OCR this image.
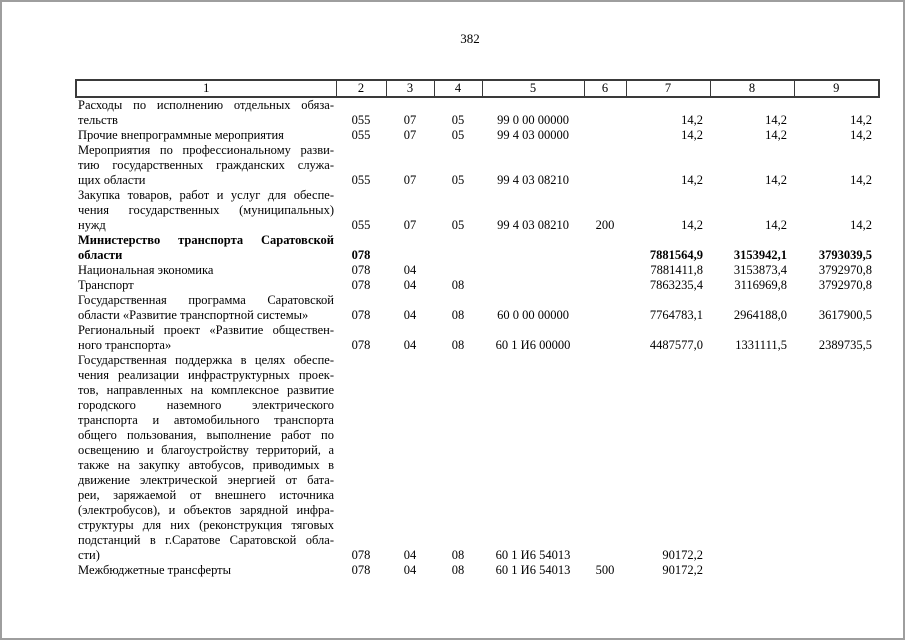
382
1	2	3	4	5	6	7	8	9

Расходы по исполнению отдельных обяза-
тельств	055	07	05	99 0 00 00000		14,2	14,2	14,2

Прочие внепрограммные мероприятия	055	07	05	99 4 03 00000		14,2	14,2	14,2

Мероприятия по профессиональному разви-
тию государственных гражданских служа-
щих области	055	07	05	99 4 03 08210		14,2	14,2	14,2

Закупка товаров, работ и услуг для обеспе-
чения государственных (муниципальных)
нужд	055	07	05	99 4 03 08210	200	14,2	14,2	14,2

Министерство транспорта Саратовской
области	078					7881564,9	3153942,1	3793039,5

Национальная экономика	078	04				7881411,8	3153873,4	3792970,8

Транспорт	078	04	08			7863235,4	3116969,8	3792970,8

Государственная программа Саратовской
области «Развитие транспортной системы»	078	04	08	60 0 00 00000		7764783,1	2964188,0	3617900,5

Региональный проект «Развитие обществен-
ного транспорта»	078	04	08	60 1 И6 00000		4487577,0	1331111,5	2389735,5

Государственная поддержка в целях обеспе-
чения реализации инфраструктурных проек-
тов, направленных на комплексное развитие
городского наземного электрического
транспорта и автомобильного транспорта
общего пользования, выполнение работ по
освещению и благоустройству территорий, а
также на закупку автобусов, приводимых в
движение электрической энергией от бата-
реи, заряжаемой от внешнего источника
(электробусов), и объектов зарядной инфра-
структуры для них (реконструкция тяговых
подстанций в г.Саратове Саратовской обла-
сти)	078	04	08	60 1 И6 54013		90172,2		

Межбюджетные трансферты	078	04	08	60 1 И6 54013	500	90172,2		
